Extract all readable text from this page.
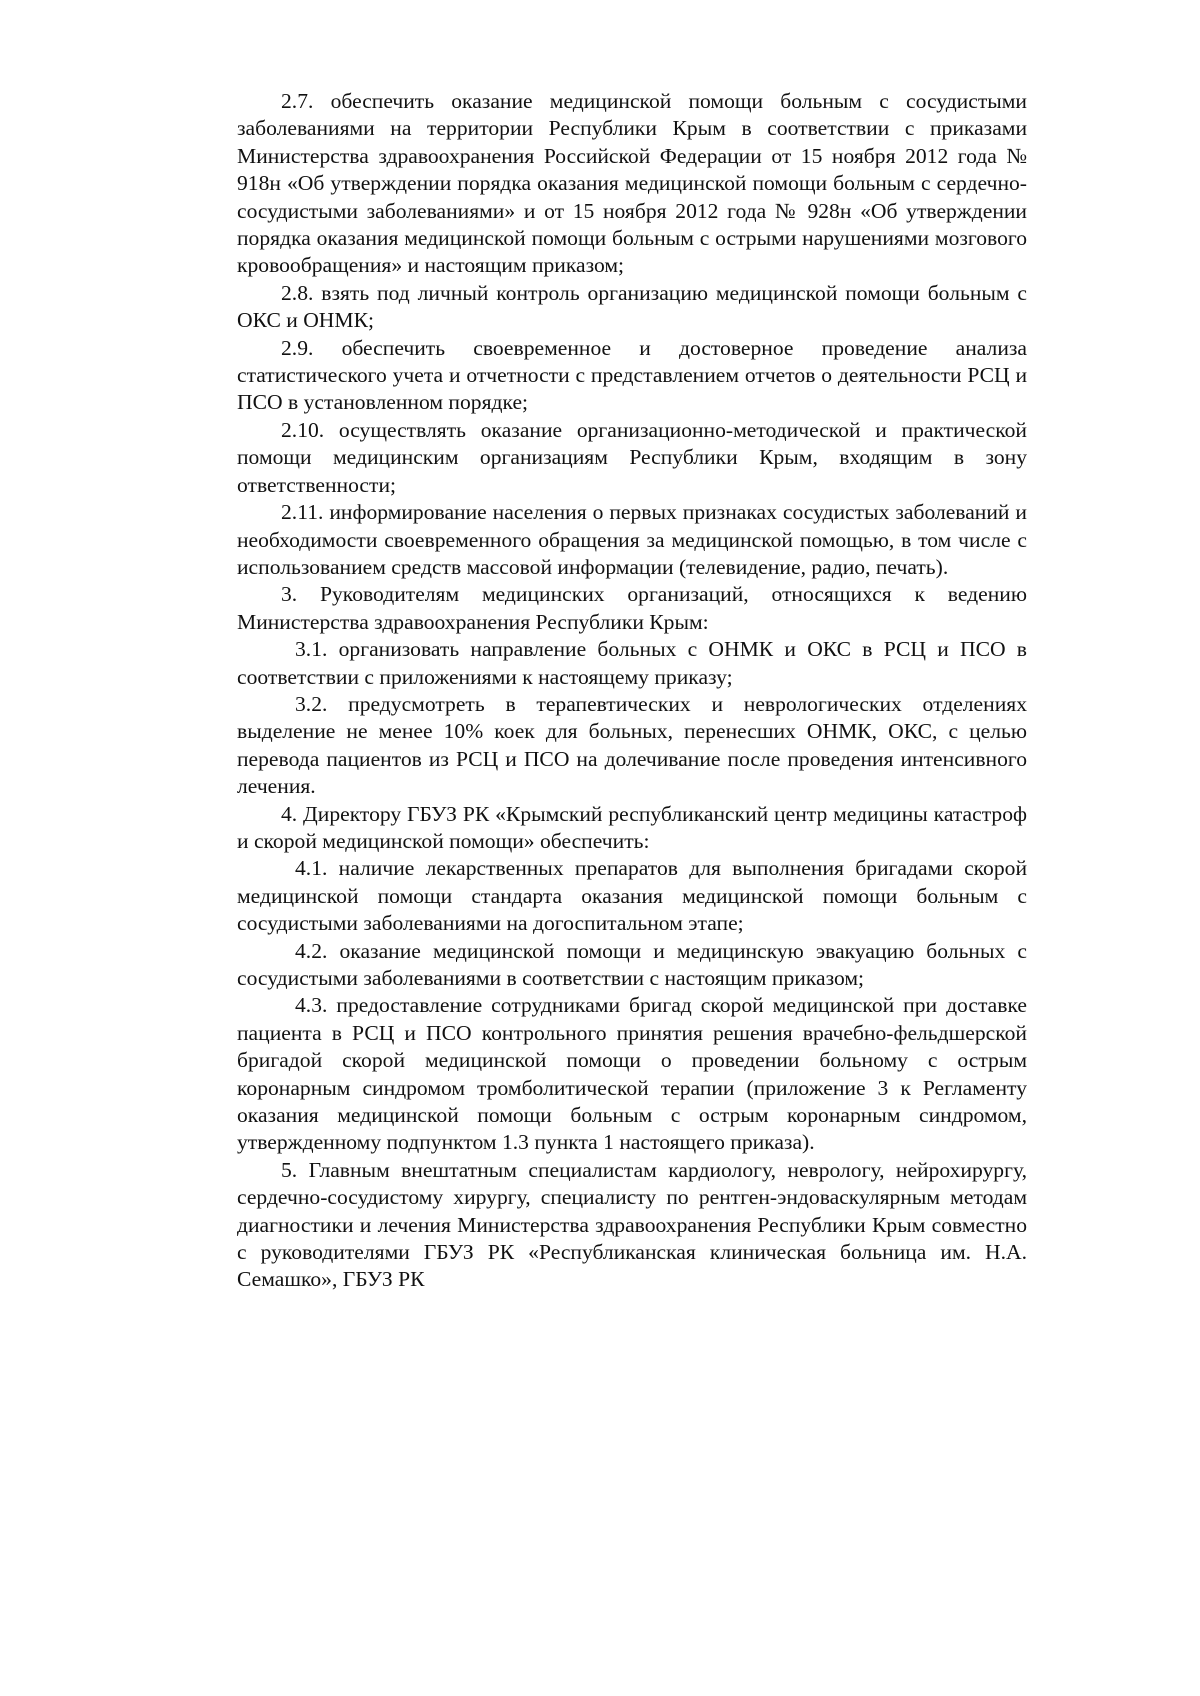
2.7. обеспечить оказание медицинской помощи больным с сосудистыми заболеваниями на территории Республики Крым в соответствии с приказами Министерства здравоохранения Российской Федерации от 15 ноября 2012 года № 918н «Об утверждении порядка оказания медицинской помощи больным с сердечно-сосудистыми заболеваниями» и от 15 ноября 2012 года № 928н «Об утверждении порядка оказания медицинской помощи больным с острыми нарушениями мозгового кровообращения» и настоящим приказом;

2.8. взять под личный контроль организацию медицинской помощи больным с ОКС и ОНМК;

2.9. обеспечить своевременное и достоверное проведение анализа статистического учета и отчетности с представлением отчетов о деятельности РСЦ и ПСО в установленном порядке;

2.10. осуществлять оказание организационно-методической и практической помощи медицинским организациям Республики Крым, входящим в зону ответственности;

2.11. информирование населения о первых признаках сосудистых заболеваний и необходимости своевременного обращения за медицинской помощью, в том числе с использованием средств массовой информации (телевидение, радио, печать).

3. Руководителям медицинских организаций, относящихся к ведению Министерства здравоохранения Республики Крым:

3.1. организовать направление больных с ОНМК и ОКС в РСЦ и ПСО в соответствии с приложениями к настоящему приказу;

3.2. предусмотреть в терапевтических и неврологических отделениях выделение не менее 10% коек для больных, перенесших ОНМК, ОКС, с целью перевода пациентов из РСЦ и ПСО на долечивание после проведения интенсивного лечения.

4. Директору ГБУЗ РК «Крымский республиканский центр медицины катастроф и скорой медицинской помощи» обеспечить:

4.1. наличие лекарственных препаратов для выполнения бригадами скорой медицинской помощи стандарта оказания медицинской помощи больным с сосудистыми заболеваниями на догоспитальном этапе;

4.2. оказание медицинской помощи и медицинскую эвакуацию больных с сосудистыми заболеваниями в соответствии с настоящим приказом;

4.3. предоставление сотрудниками бригад скорой медицинской при доставке пациента в РСЦ и ПСО контрольного принятия решения врачебно-фельдшерской бригадой скорой медицинской помощи о проведении больному с острым коронарным синдромом тромболитической терапии (приложение 3 к Регламенту оказания медицинской помощи больным с острым коронарным синдромом, утвержденному подпунктом 1.3 пункта 1 настоящего приказа).

5. Главным внештатным специалистам кардиологу, неврологу, нейрохирургу, сердечно-сосудистому хирургу, специалисту по рентген-эндоваскулярным методам диагностики и лечения Министерства здравоохранения Республики Крым совместно с руководителями ГБУЗ РК «Республиканская клиническая больница им. Н.А. Семашко», ГБУЗ РК
